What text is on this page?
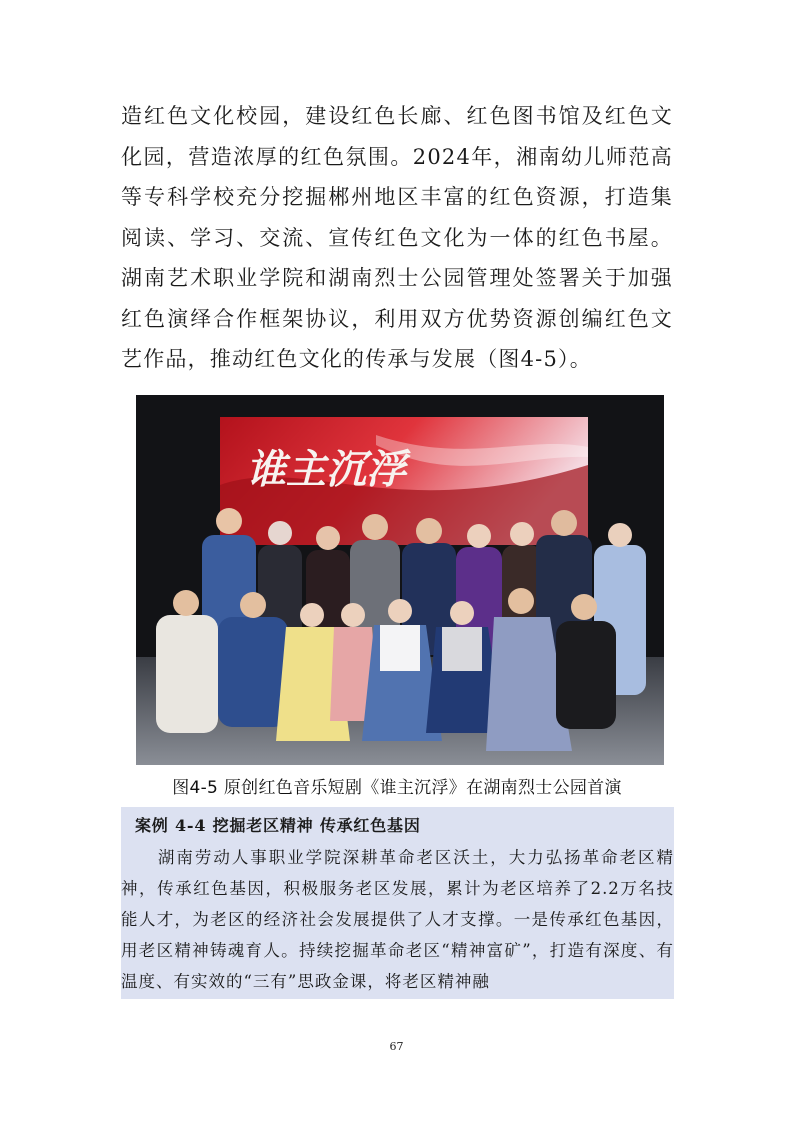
造红色文化校园，建设红色长廊、红色图书馆及红色文化园，营造浓厚的红色氛围。2024年，湘南幼儿师范高等专科学校充分挖掘郴州地区丰富的红色资源，打造集阅读、学习、交流、宣传红色文化为一体的红色书屋。湖南艺术职业学院和湖南烈士公园管理处签署关于加强红色演绎合作框架协议，利用双方优势资源创编红色文艺作品，推动红色文化的传承与发展（图4-5）。

谁主沉浮
图4-5 原创红色音乐短剧《谁主沉浮》在湖南烈士公园首演
案例 4-4 挖掘老区精神 传承红色基因

　　湖南劳动人事职业学院深耕革命老区沃土，大力弘扬革命老区精神，传承红色基因，积极服务老区发展，累计为老区培养了2.2万名技能人才，为老区的经济社会发展提供了人才支撑。一是传承红色基因，用老区精神铸魂育人。持续挖掘革命老区“精神富矿”，打造有深度、有温度、有实效的“三有”思政金课，将老区精神融

67
